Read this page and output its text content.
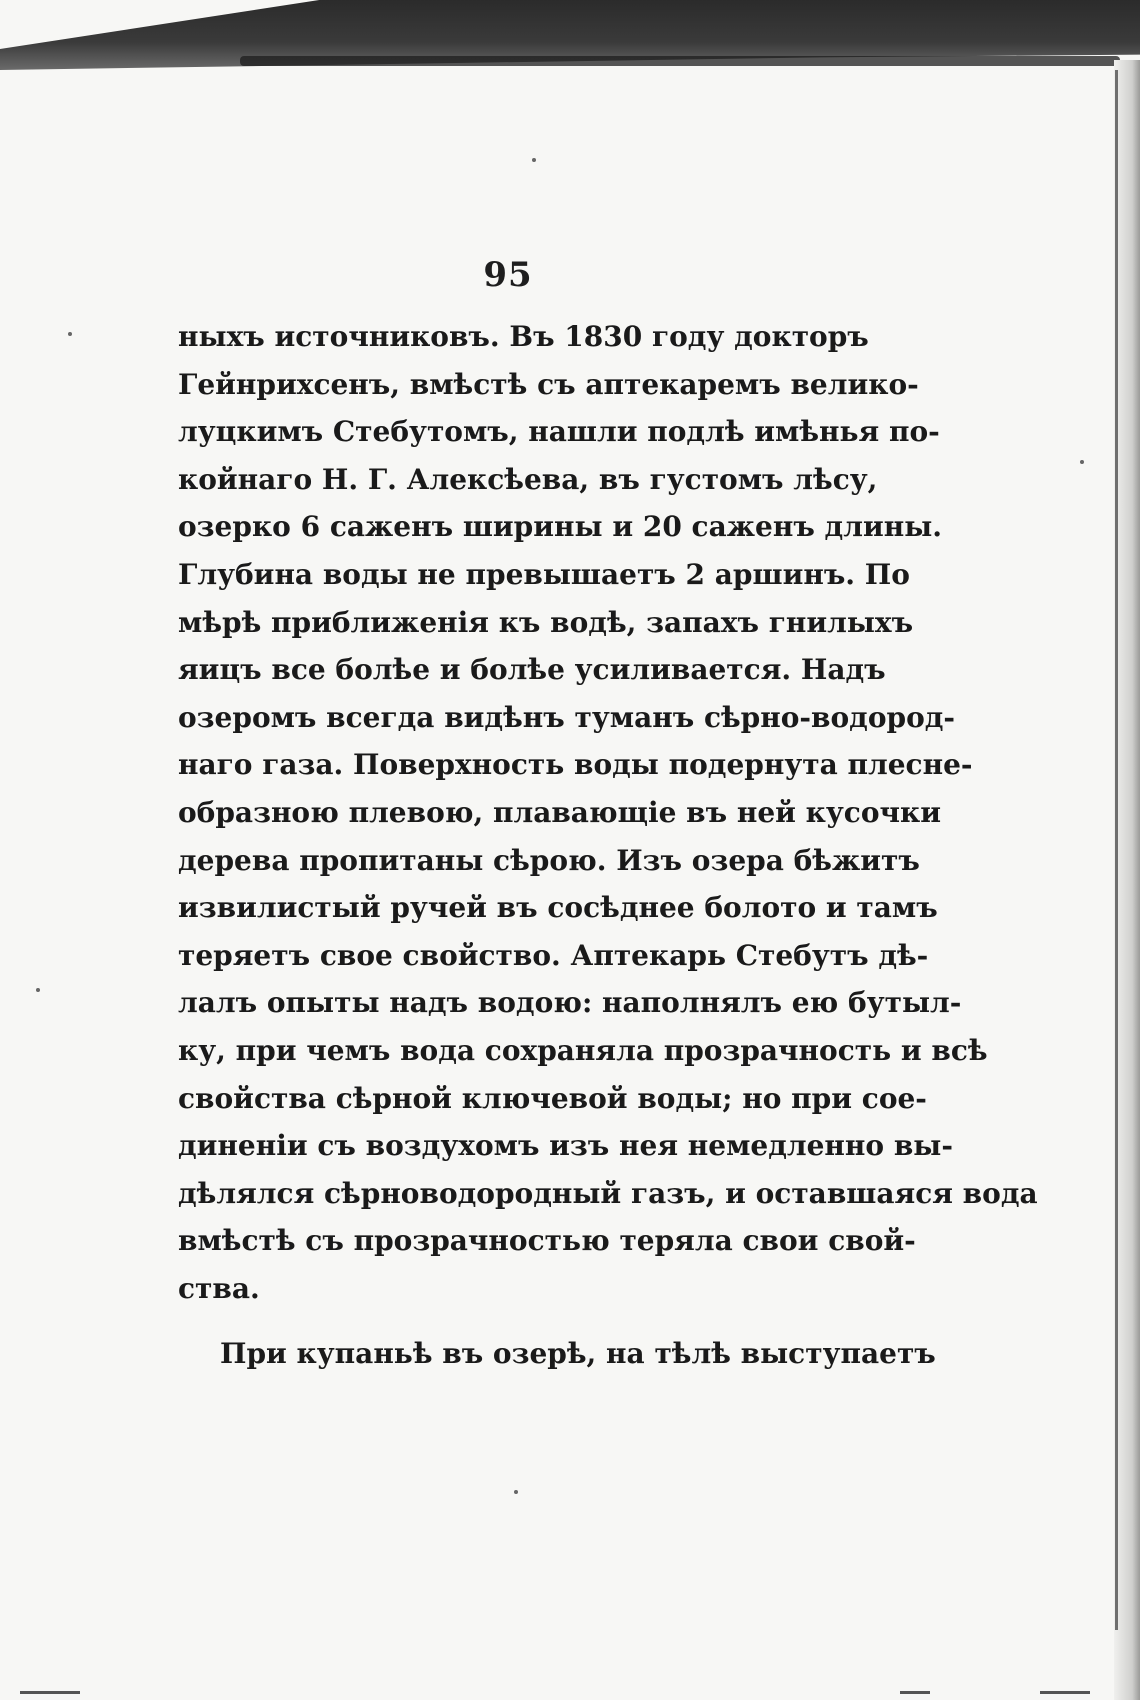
95
ныхъ источниковъ. Въ 1830 году докторъ
Гейнрихсенъ, вмѣстѣ съ аптекаремъ велико-
луцкимъ Стебутомъ, нашли подлѣ имѣнья по-
койнаго Н. Г. Алексѣева, въ густомъ лѣсу,
озерко 6 саженъ ширины и 20 саженъ длины.
Глубина воды не превышаетъ 2 аршинъ. По
мѣрѣ приближенія къ водѣ, запахъ гнилыхъ
яицъ все болѣе и болѣе усиливается. Надъ
озеромъ всегда видѣнъ туманъ сѣрно-водород-
наго газа. Поверхность воды подернута плесне-
образною плевою, плавающіе въ ней кусочки
дерева пропитаны сѣрою. Изъ озера бѣжитъ
извилистый ручей въ сосѣднее болото и тамъ
теряетъ свое свойство. Аптекарь Стебутъ дѣ-
лалъ опыты надъ водою: наполнялъ ею бутыл-
ку, при чемъ вода сохраняла прозрачность и всѣ
свойства сѣрной ключевой воды; но при сое-
диненіи съ воздухомъ изъ нея немедленно вы-
дѣлялся сѣрноводородный газъ, и оставшаяся вода
вмѣстѣ съ прозрачностью теряла свои свой-
ства.
При купаньѣ въ озерѣ, на тѣлѣ выступаетъ
